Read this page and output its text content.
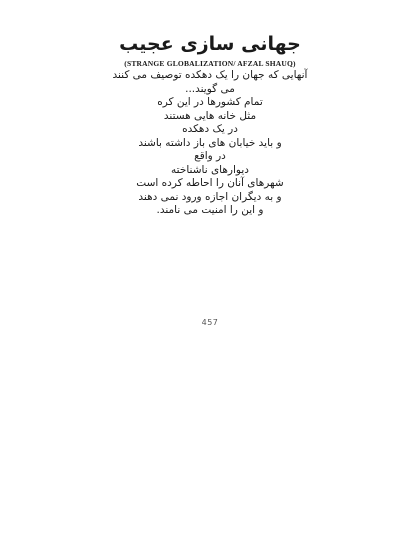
جهانی سازی عجیب
(STRANGE GLOBALIZATION/ AFZAL SHAUQ)
آنهایی که جهان را یک دهکده توصیف می کنند
می گویند...
تمام کشورها در این کره
مثل خانه هایی هستند
در یک دهکده
و باید خیابان های باز داشته باشند
در واقع
دیوارهای ناشناخته
شهرهای آنان را احاطه کرده است
و به دیگران اجازه ورود نمی دهند
و این را امنیت می نامند.
457
